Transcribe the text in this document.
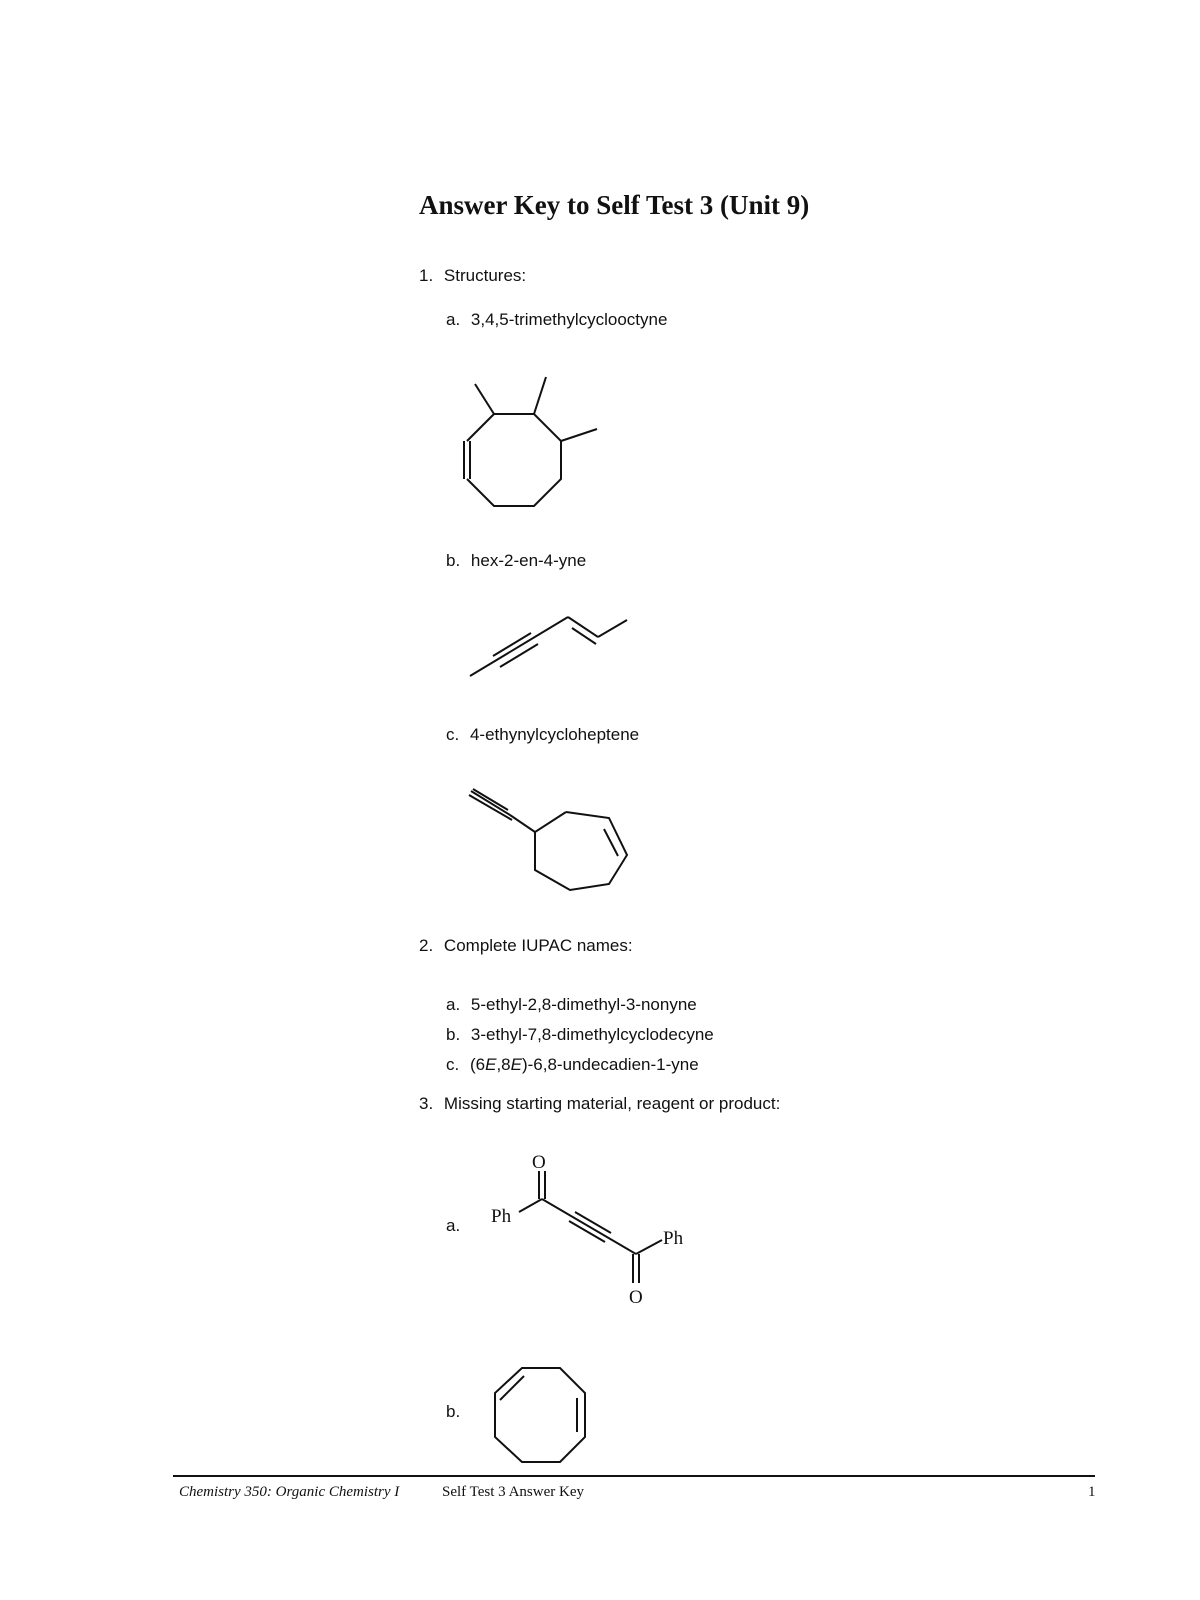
Answer Key to Self Test 3 (Unit 9)
1. Structures:
a. 3,4,5-trimethylcyclooctyne
b. hex-2-en-4-yne
c. 4-ethynylcycloheptene
2. Complete IUPAC names:
a. 5-ethyl-2,8-dimethyl-3-nonyne
b. 3-ethyl-7,8-dimethylcyclodecyne
c. (6E,8E)-6,8-undecadien-1-yne
3. Missing starting material, reagent or product:
a.
O
Ph
Ph
O
b.
Chemistry 350: Organic Chemistry I	Self Test 3 Answer Key	1
